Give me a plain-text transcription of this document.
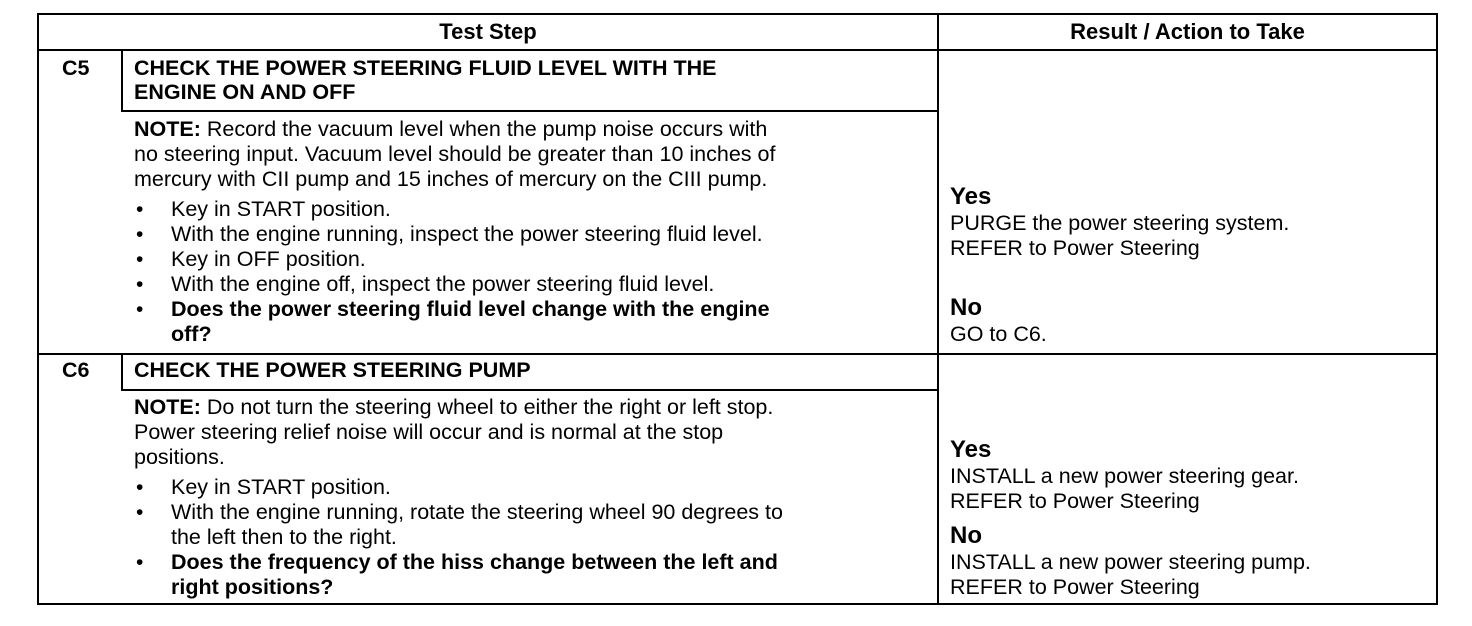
Test Step	Result / Action to Take
C5 CHECK THE POWER STEERING FLUID LEVEL WITH THE
ENGINE ON AND OFF
NOTE: Record the vacuum level when the pump noise occurs with
no steering input. Vacuum level should be greater than 10 inches of
mercury with CII pump and 15 inches of mercury on the CIII pump.
• Key in START position.
• With the engine running, inspect the power steering fluid level.
• Key in OFF position.
• With the engine off, inspect the power steering fluid level.
• Does the power steering fluid level change with the engine
off?
Yes
PURGE the power steering system.
REFER to Power Steering
No
GO to C6.
C6 CHECK THE POWER STEERING PUMP
NOTE: Do not turn the steering wheel to either the right or left stop.
Power steering relief noise will occur and is normal at the stop
positions.
• Key in START position.
• With the engine running, rotate the steering wheel 90 degrees to
the left then to the right.
• Does the frequency of the hiss change between the left and
right positions?
Yes
INSTALL a new power steering gear.
REFER to Power Steering
No
INSTALL a new power steering pump.
REFER to Power Steering
